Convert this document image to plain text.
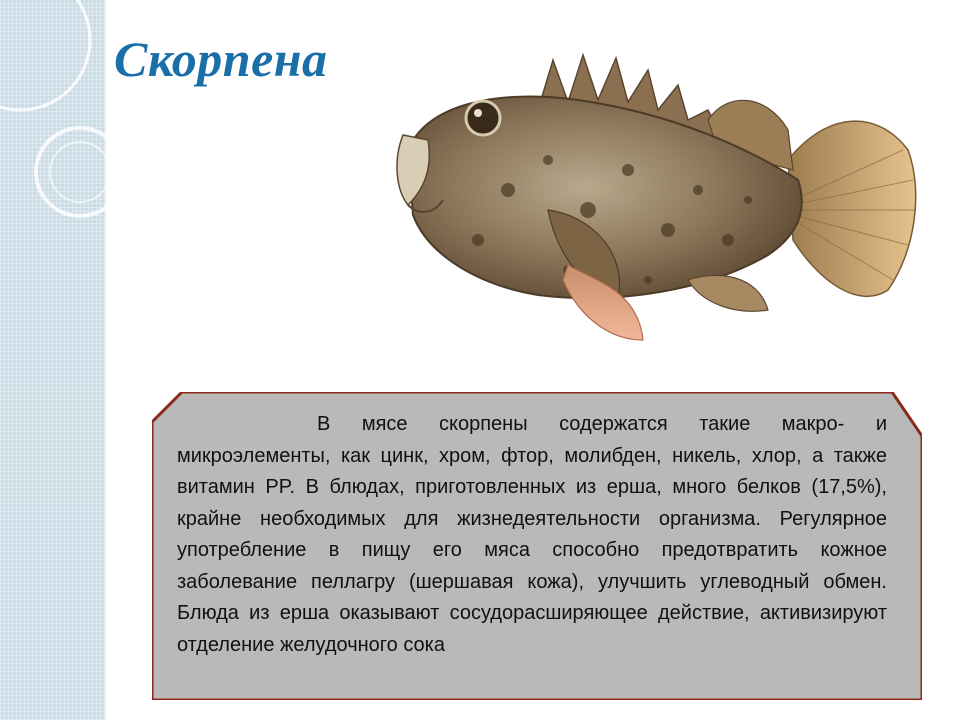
Скорпена

В мясе скорпены содержатся такие макро- и микроэлементы, как цинк, хром, фтор, молибден, никель, хлор, а также витамин PP. В блюдах, приготовленных из ерша, много белков (17,5%), крайне необходимых для жизнедеятельности организма. Регулярное употребление в пищу его мяса способно предотвратить кожное заболевание пеллагру (шершавая кожа), улучшить углеводный обмен. Блюда из ерша оказывают сосудорасширяющее действие, активизируют отделение желудочного сока
